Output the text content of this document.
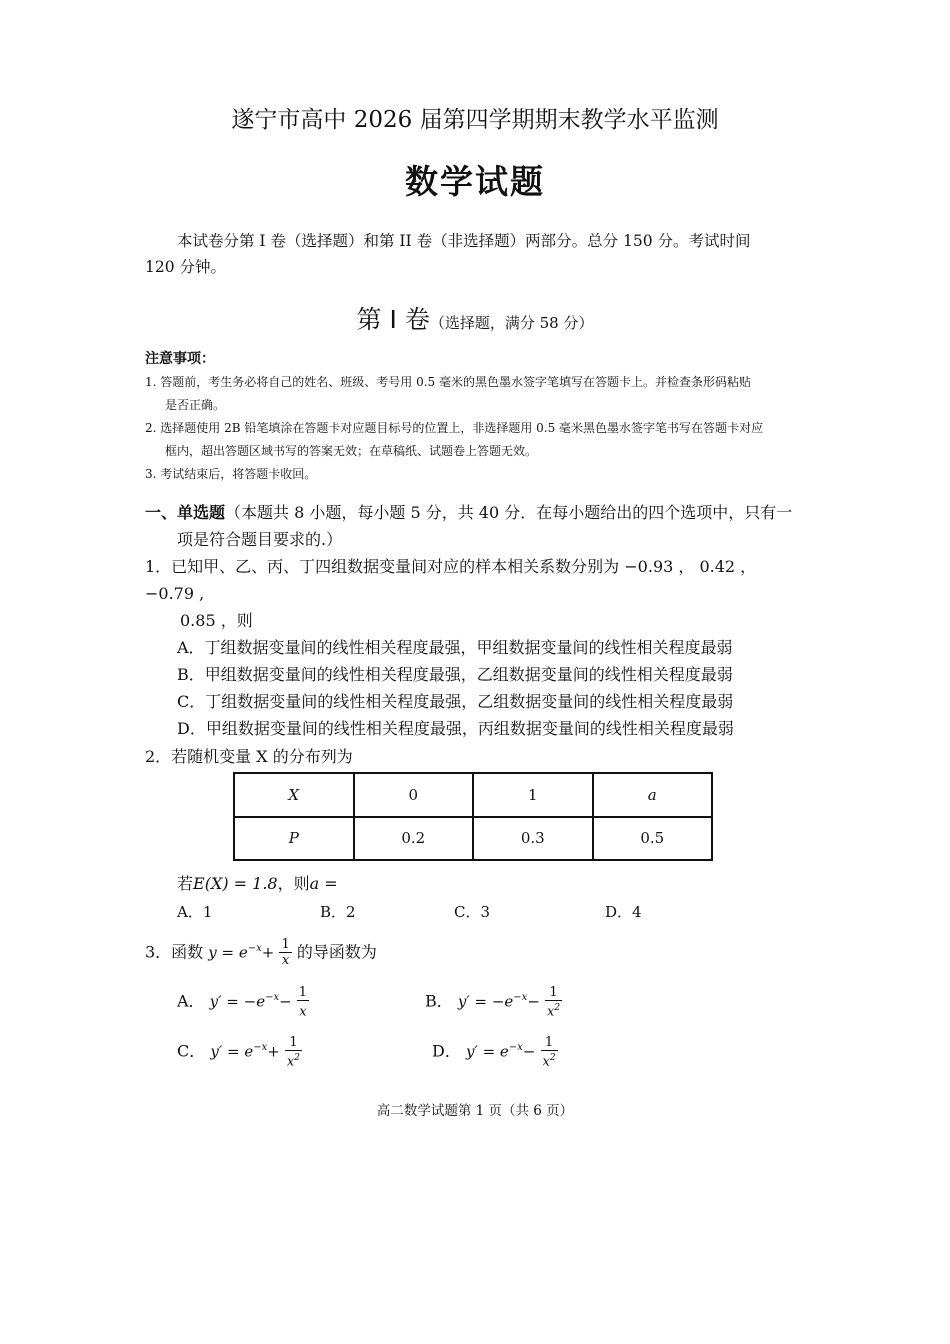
遂宁市高中 2026 届第四学期期末教学水平监测
数学试题
本试卷分第 I 卷（选择题）和第 II 卷（非选择题）两部分。总分 150 分。考试时间
120 分钟。
第 Ⅰ 卷（选择题，满分 58 分）
注意事项：
1. 答题前，考生务必将自己的姓名、班级、考号用 0.5 毫米的黑色墨水签字笔填写在答题卡上。并检查条形码粘贴
是否正确。
2. 选择题使用 2B 铅笔填涂在答题卡对应题目标号的位置上，非选择题用 0.5 毫米黑色墨水签字笔书写在答题卡对应
框内，超出答题区域书写的答案无效；在草稿纸、试题卷上答题无效。
3. 考试结束后，将答题卡收回。
一、单选题（本题共 8 小题，每小题 5 分，共 40 分．在每小题给出的四个选项中，只有一
项是符合题目要求的.）
1．已知甲、乙、丙、丁四组数据变量间对应的样本相关系数分别为 −0.93 ， 0.42 ，
−0.79 ,
0.85 ，则
A．丁组数据变量间的线性相关程度最强，甲组数据变量间的线性相关程度最弱
B．甲组数据变量间的线性相关程度最强，乙组数据变量间的线性相关程度最弱
C．丁组数据变量间的线性相关程度最强，乙组数据变量间的线性相关程度最弱
D．甲组数据变量间的线性相关程度最强，丙组数据变量间的线性相关程度最弱
2．若随机变量 X 的分布列为
X	0	1	a
P	0.2	0.3	0.5
若E(X) = 1.8，则a =
A．1	B．2	C．3	D．4
3．函数 $y = e^{-x}+ \frac{1}{x}$ 的导函数为
A． $y' = -e^{-x}- \frac{1}{x}$	B． $y' = -e^{-x}- \frac{1}{x^2}$
C． $y' = e^{-x}+ \frac{1}{x^2}$	D． $y' = e^{-x}- \frac{1}{x^2}$
高二数学试题第 1 页（共 6 页）
